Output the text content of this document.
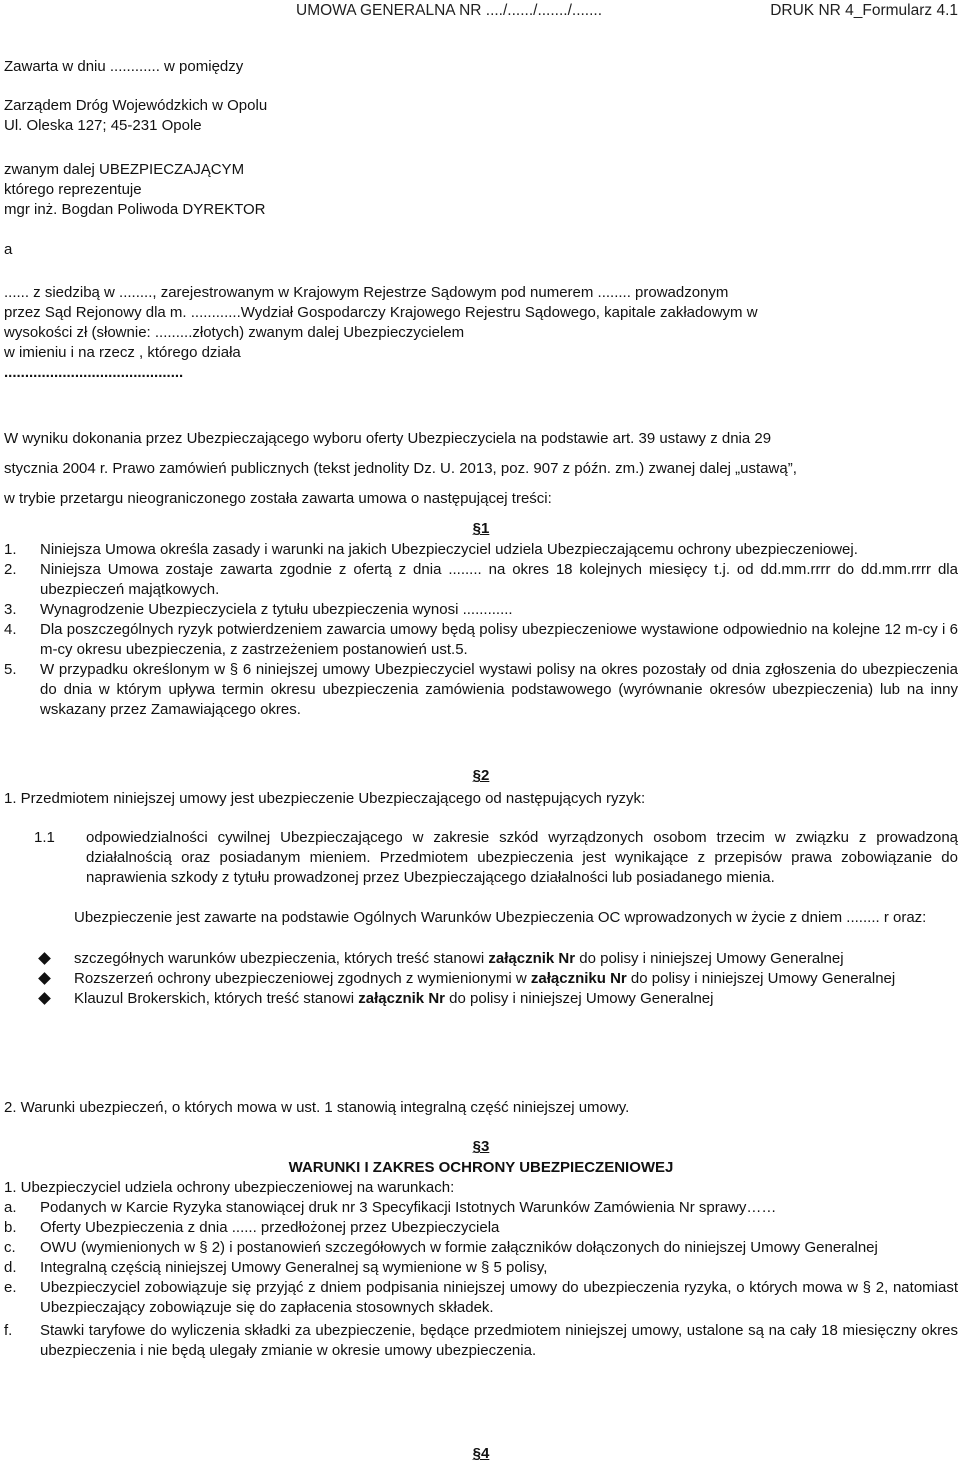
UMOWA GENERALNA NR ..../....../......./.......	DRUK NR 4_Formularz 4.1
Zawarta w dniu ............ w pomiędzy
Zarządem Dróg Wojewódzkich w Opolu
Ul. Oleska 127; 45-231 Opole
zwanym dalej UBEZPIECZAJĄCYM
którego reprezentuje
mgr inż. Bogdan Poliwoda DYREKTOR
a
...... z siedzibą w ........, zarejestrowanym w Krajowym Rejestrze Sądowym pod numerem ........ prowadzonym
przez Sąd Rejonowy dla m. ............Wydział Gospodarczy Krajowego Rejestru Sądowego, kapitale zakładowym w
wysokości zł (słownie: .........złotych) zwanym dalej Ubezpieczycielem
w imieniu i na rzecz , którego działa
...........................................
W wyniku dokonania przez Ubezpieczającego wyboru oferty Ubezpieczyciela na podstawie art. 39 ustawy z dnia 29
stycznia 2004 r. Prawo zamówień publicznych (tekst jednolity Dz. U. 2013, poz. 907 z późn. zm.) zwanej dalej „ustawą”,
w trybie przetargu nieograniczonego została zawarta umowa o następującej treści:
§1
1.	Niniejsza Umowa określa zasady i warunki na jakich Ubezpieczyciel udziela Ubezpieczającemu ochrony ubezpieczeniowej.
2.	Niniejsza Umowa zostaje zawarta zgodnie z ofertą z dnia ........ na okres 18 kolejnych miesięcy t.j. od dd.mm.rrrr do dd.mm.rrrr dla ubezpieczeń majątkowych.
3.	Wynagrodzenie Ubezpieczyciela z tytułu ubezpieczenia wynosi ............
4.	Dla poszczególnych ryzyk potwierdzeniem zawarcia umowy będą polisy ubezpieczeniowe wystawione odpowiednio na kolejne 12 m-cy i 6 m-cy okresu ubezpieczenia, z zastrzeżeniem postanowień ust.5.
5.	W przypadku określonym w § 6 niniejszej umowy Ubezpieczyciel wystawi polisy na okres pozostały od dnia zgłoszenia do ubezpieczenia do dnia w którym upływa termin okresu ubezpieczenia zamówienia podstawowego (wyrównanie okresów ubezpieczenia) lub na inny wskazany przez Zamawiającego okres.
§2
1. Przedmiotem niniejszej umowy jest ubezpieczenie Ubezpieczającego od następujących ryzyk:
1.1	odpowiedzialności cywilnej Ubezpieczającego w zakresie szkód wyrządzonych osobom trzecim w związku z prowadzoną działalnością oraz posiadanym mieniem. Przedmiotem ubezpieczenia jest wynikające z przepisów prawa zobowiązanie do naprawienia szkody z tytułu prowadzonej przez Ubezpieczającego działalności lub posiadanego mienia.
Ubezpieczenie jest zawarte na podstawie Ogólnych Warunków Ubezpieczenia OC wprowadzonych w życie z dniem ........ r oraz:
szczegółnych warunków ubezpieczenia, których treść stanowi załącznik Nr do polisy i niniejszej Umowy Generalnej
Rozszerzeń ochrony ubezpieczeniowej zgodnych z wymienionymi w załączniku Nr do polisy i niniejszej Umowy Generalnej
Klauzul Brokerskich, których treść stanowi załącznik Nr do polisy i niniejszej Umowy Generalnej
2. Warunki ubezpieczeń, o których mowa w ust. 1 stanowią integralną część niniejszej umowy.
§3
WARUNKI I ZAKRES OCHRONY UBEZPIECZENIOWEJ
1. Ubezpieczyciel udziela ochrony ubezpieczeniowej na warunkach:
a.	Podanych w Karcie Ryzyka stanowiącej druk nr 3 Specyfikacji Istotnych Warunków Zamówienia Nr sprawy……
b.	Oferty Ubezpieczenia z dnia ...... przedłożonej przez Ubezpieczyciela
c.	OWU (wymienionych w § 2) i postanowień szczegółowych w formie załączników dołączonych do niniejszej Umowy Generalnej
d.	Integralną częścią niniejszej Umowy Generalnej są wymienione w § 5 polisy,
e.	Ubezpieczyciel zobowiązuje się przyjąć z dniem podpisania niniejszej umowy do ubezpieczenia ryzyka, o których mowa w § 2, natomiast Ubezpieczający zobowiązuje się do zapłacenia stosownych składek.
f.	Stawki taryfowe do wyliczenia składki za ubezpieczenie, będące przedmiotem niniejszej umowy, ustalone są na cały 18 miesięczny okres ubezpieczenia i nie będą ulegały zmianie w okresie umowy ubezpieczenia.
§4
